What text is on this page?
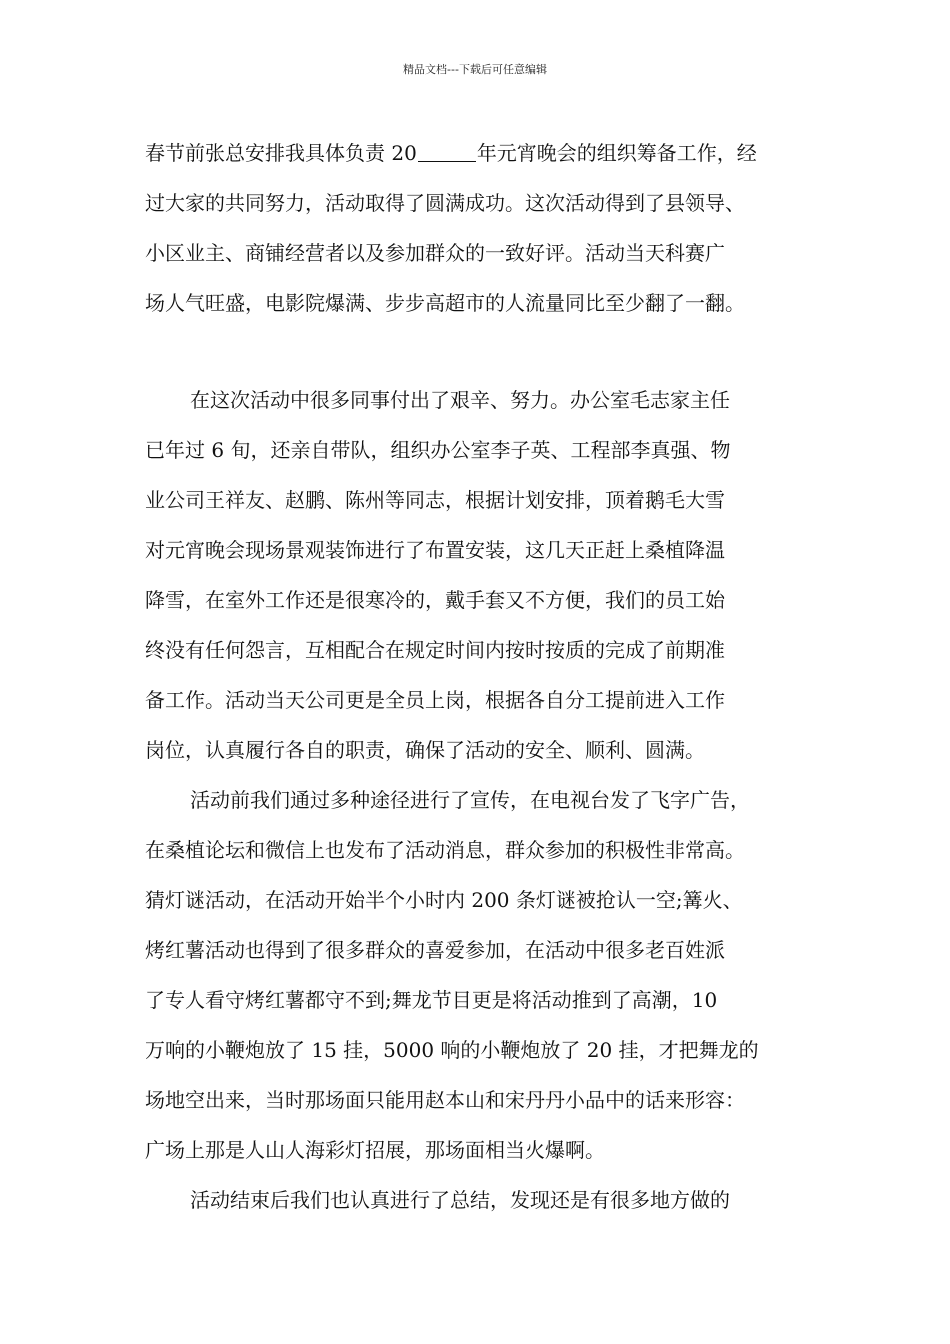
精品文档---下载后可任意编辑
春节前张总安排我具体负责 20	年元宵晚会的组织筹备工作，经
过大家的共同努力，活动取得了圆满成功。这次活动得到了县领导、
小区业主、商铺经营者以及参加群众的一致好评。活动当天科赛广
场人气旺盛，电影院爆满、步步高超市的人流量同比至少翻了一翻。
在这次活动中很多同事付出了艰辛、努力。办公室毛志家主任
已年过 6 旬，还亲自带队，组织办公室李子英、工程部李真强、物
业公司王祥友、赵鹏、陈州等同志，根据计划安排，顶着鹅毛大雪
对元宵晚会现场景观装饰进行了布置安装，这几天正赶上桑植降温
降雪，在室外工作还是很寒冷的，戴手套又不方便，我们的员工始
终没有任何怨言，互相配合在规定时间内按时按质的完成了前期准
备工作。活动当天公司更是全员上岗，根据各自分工提前进入工作
岗位，认真履行各自的职责，确保了活动的安全、顺利、圆满。
活动前我们通过多种途径进行了宣传，在电视台发了飞字广告，
在桑植论坛和微信上也发布了活动消息，群众参加的积极性非常高。
猜灯谜活动，在活动开始半个小时内 200 条灯谜被抢认一空;篝火、
烤红薯活动也得到了很多群众的喜爱参加，在活动中很多老百姓派
了专人看守烤红薯都守不到;舞龙节目更是将活动推到了高潮，10
万响的小鞭炮放了 15 挂，5000 响的小鞭炮放了 20 挂，才把舞龙的
场地空出来，当时那场面只能用赵本山和宋丹丹小品中的话来形容：
广场上那是人山人海彩灯招展，那场面相当火爆啊。
活动结束后我们也认真进行了总结，发现还是有很多地方做的
